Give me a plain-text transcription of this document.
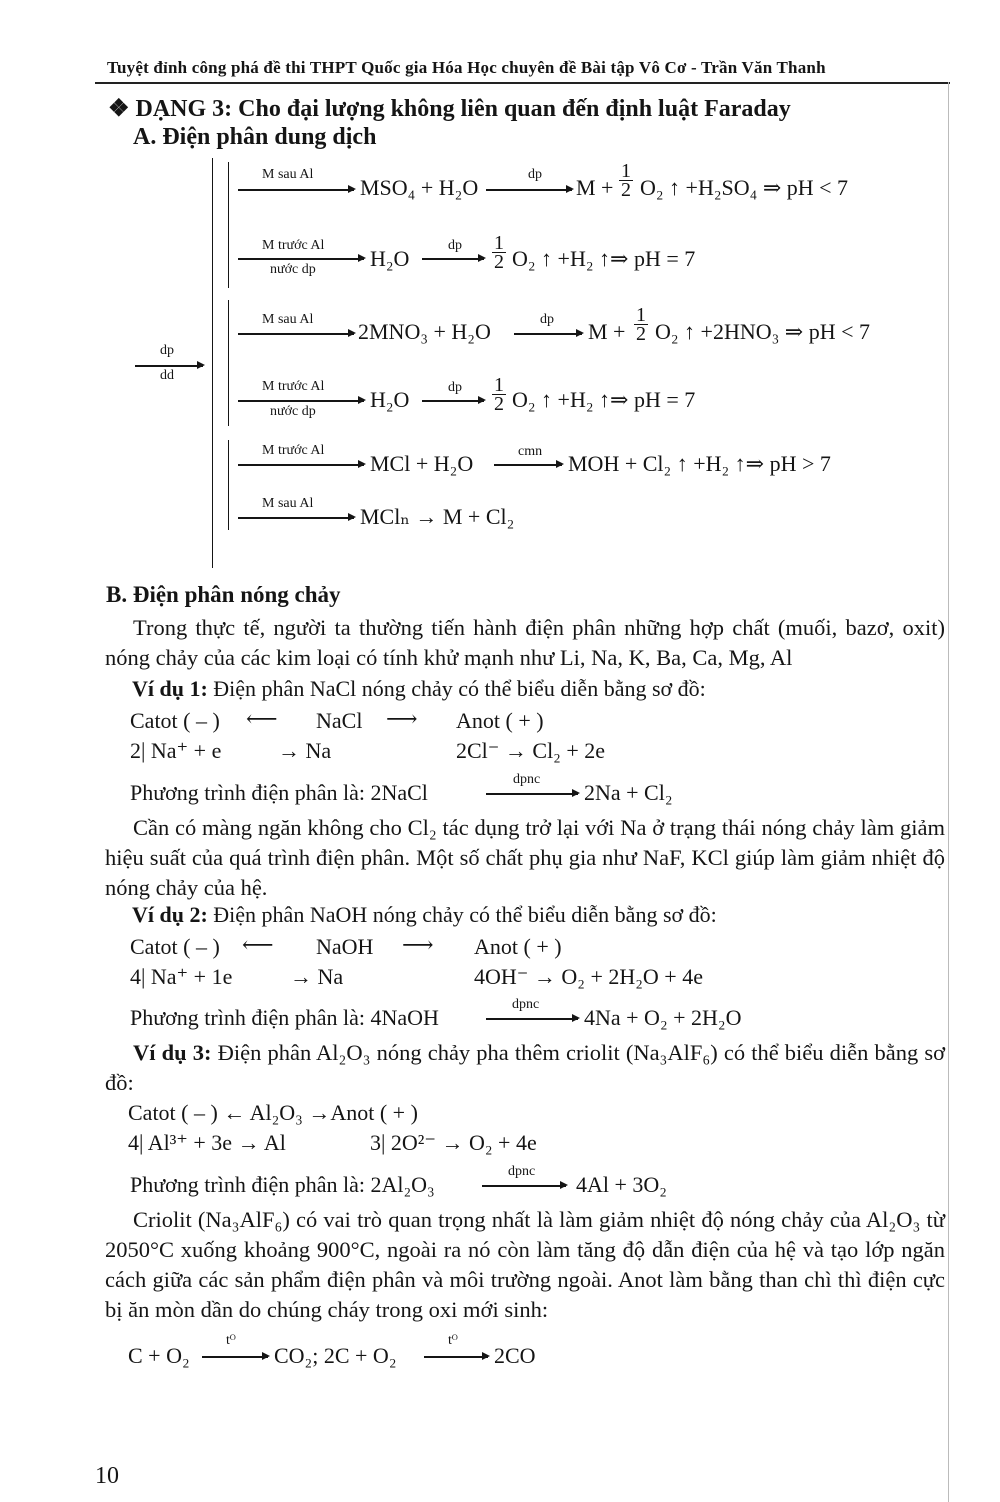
Tuyệt đỉnh công phá đề thi THPT Quốc gia Hóa Học chuyên đề Bài tập Vô Cơ - Trần Văn Thanh
❖ DẠNG 3: Cho đại lượng không liên quan đến định luật Faraday
A. Điện phân dung dịch
dp
dd
M sau Al
MSO₄ + H₂O
dp
$M + \frac{1}{2} O_2$ ↑ +H₂SO₄ ⇒ pH < 7
M trước Al
nước dp H₂O
dp $\frac{1}{2} O_2$ ↑ +H₂ ↑⇒ pH = 7
M sau Al 2MNO₃ + H₂O	dp $M + \frac{1}{2} O_2$ ↑ +2HNO₃ ⇒ pH < 7
M trước Al
nước dp H₂O	dp $\frac{1}{2} O_2$ ↑ +H₂ ↑⇒ pH = 7
M trước Al
MCl + H₂O	cmn MOH + Cl₂ ↑ +H₂ ↑⇒ pH > 7
M sau Al
MClₙ → M + Cl₂
B. Điện phân nóng chảy
Trong thực tế, người ta thường tiến hành điện phân những hợp chất (muối, bazơ, oxit) nóng chảy của các kim loại có tính khử mạnh như Li, Na, K, Ba, Ca, Mg, Al
Ví dụ 1: Điện phân NaCl nóng chảy có thể biểu diễn bằng sơ đồ:
Catot ( – ) ⟵ NaCl ⟶ Anot ( + )
2| Na⁺ + e	→ Na	2Cl⁻ → Cl₂ + 2e
Phương trình điện phân là: 2NaCl
dpnc
2Na + Cl₂
Cần có màng ngăn không cho Cl₂ tác dụng trở lại với Na ở trạng thái nóng chảy làm giảm hiệu suất của quá trình điện phân. Một số chất phụ gia như NaF, KCl giúp làm giảm nhiệt độ nóng chảy của hệ.
Ví dụ 2: Điện phân NaOH nóng chảy có thể biểu diễn bằng sơ đồ:
Catot ( – ) ⟵ NaOH ⟶ Anot ( + )
4| Na⁺ + 1e	→ Na	4OH⁻ → O₂ + 2H₂O + 4e
Phương trình điện phân là: 4NaOH
dpnc
4Na + O₂ + 2H₂O
Ví dụ 3: Điện phân Al₂O₃ nóng chảy pha thêm criolit (Na₃AlF₆) có thể biểu diễn bằng sơ đồ:
Catot ( – ) ← Al₂O₃ →Anot ( + )
4| Al³⁺ + 3e → Al	3| 2O²⁻ → O₂ + 4e
Phương trình điện phân là: 2Al₂O₃
dpnc
4Al + 3O₂
Criolit (Na₃AlF₆) có vai trò quan trọng nhất là làm giảm nhiệt độ nóng chảy của Al₂O₃ từ 2050°C xuống khoảng 900°C, ngoài ra nó còn làm tăng độ dẫn điện của hệ và tạo lớp ngăn cách giữa các sản phẩm điện phân và môi trường ngoài. Anot làm bằng than chì thì điện cực bị ăn mòn dần do chúng cháy trong oxi mới sinh:
C + O₂
tᴼ
CO₂; 2C + O₂
tᴼ
2CO
10
